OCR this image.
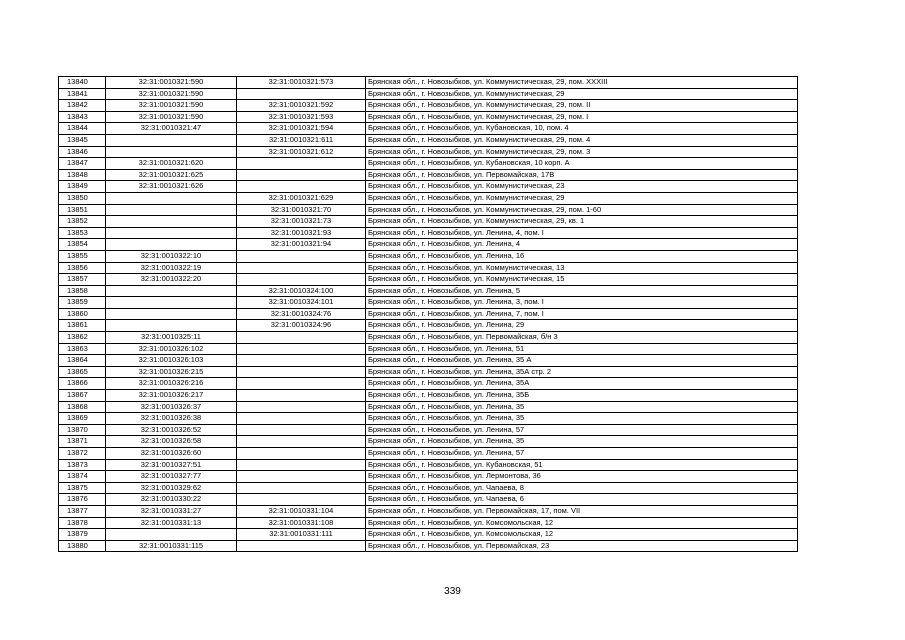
13840	32:31:0010321:590	32:31:0010321:573	Брянская обл., г. Новозыбков, ул. Коммунистическая, 29, пом. XXXIII
13841	32:31:0010321:590		Брянская обл., г. Новозыбков, ул. Коммунистическая, 29
13842	32:31:0010321:590	32:31:0010321:592	Брянская обл., г. Новозыбков, ул. Коммунистическая, 29, пом. II
13843	32:31:0010321:590	32:31:0010321:593	Брянская обл., г. Новозыбков, ул. Коммунистическая, 29, пом. I
13844	32:31:0010321:47	32:31:0010321:594	Брянская обл., г. Новозыбков, ул. Кубановская, 10, пом. 4
13845		32:31:0010321:611	Брянская обл., г. Новозыбков, ул. Коммунистическая, 29, пом. 4
13846		32:31:0010321:612	Брянская обл., г. Новозыбков, ул. Коммунистическая, 29, пом. 3
13847	32:31:0010321:620		Брянская обл., г. Новозыбков, ул. Кубановская, 10 корп. А
13848	32:31:0010321:625		Брянская обл., г. Новозыбков, ул. Первомайская, 17В
13849	32:31:0010321:626		Брянская обл., г. Новозыбков, ул. Коммунистическая, 23
13850		32:31:0010321:629	Брянская обл., г. Новозыбков, ул. Коммунистическая, 29
13851		32:31:0010321:70	Брянская обл., г. Новозыбков, ул. Коммунистическая, 29, пом. 1-60
13852		32:31:0010321:73	Брянская обл., г. Новозыбков, ул. Коммунистическая, 29, кв. 1
13853		32:31:0010321:93	Брянская обл., г. Новозыбков, ул. Ленина, 4, пом. I
13854		32:31:0010321:94	Брянская обл., г. Новозыбков, ул. Ленина, 4
13855	32:31:0010322:10		Брянская обл., г. Новозыбков, ул. Ленина, 16
13856	32:31:0010322:19		Брянская обл., г. Новозыбков, ул. Коммунистическая, 13
13857	32:31:0010322:20		Брянская обл., г. Новозыбков, ул. Коммунистическая, 15
13858		32:31:0010324:100	Брянская обл., г. Новозыбков, ул. Ленина, 5
13859		32:31:0010324:101	Брянская обл., г. Новозыбков, ул. Ленина, 3, пом. I
13860		32:31:0010324:76	Брянская обл., г. Новозыбков, ул. Ленина, 7, пом. I
13861		32:31:0010324:96	Брянская обл., г. Новозыбков, ул. Ленина, 29
13862	32:31:0010325:11		Брянская обл., г. Новозыбков, ул. Первомайская, б/н 3
13863	32:31:0010326:102		Брянская обл., г. Новозыбков, ул. Ленина, 51
13864	32:31:0010326:103		Брянская обл., г. Новозыбков, ул. Ленина, 35 А
13865	32:31:0010326:215		Брянская обл., г. Новозыбков, ул. Ленина, 35А стр. 2
13866	32:31:0010326:216		Брянская обл., г. Новозыбков, ул. Ленина, 35А
13867	32:31:0010326:217		Брянская обл., г. Новозыбков, ул. Ленина, 35Б
13868	32:31:0010326:37		Брянская обл., г. Новозыбков, ул. Ленина, 35
13869	32:31:0010326:38		Брянская обл., г. Новозыбков, ул. Ленина, 35
13870	32:31:0010326:52		Брянская обл., г. Новозыбков, ул. Ленина, 57
13871	32:31:0010326:58		Брянская обл., г. Новозыбков, ул. Ленина, 35
13872	32:31:0010326:60		Брянская обл., г. Новозыбков, ул. Ленина, 57
13873	32:31:0010327:51		Брянская обл., г. Новозыбков, ул. Кубановская, 51
13874	32:31:0010327:77		Брянская обл., г. Новозыбков, ул. Лермонтова, 36
13875	32:31:0010329:62		Брянская обл., г. Новозыбков, ул. Чапаева, 8
13876	32:31:0010330:22		Брянская обл., г. Новозыбков, ул. Чапаева, 6
13877	32:31:0010331:27	32:31:0010331:104	Брянская обл., г. Новозыбков, ул. Первомайская, 17, пом. VII
13878	32:31:0010331:13	32:31:0010331:108	Брянская обл., г. Новозыбков, ул. Комсомольская, 12
13879		32:31:0010331:111	Брянская обл., г. Новозыбков, ул. Комсомольская, 12
13880	32:31:0010331:115		Брянская обл., г. Новозыбков, ул. Первомайская, 23
339
